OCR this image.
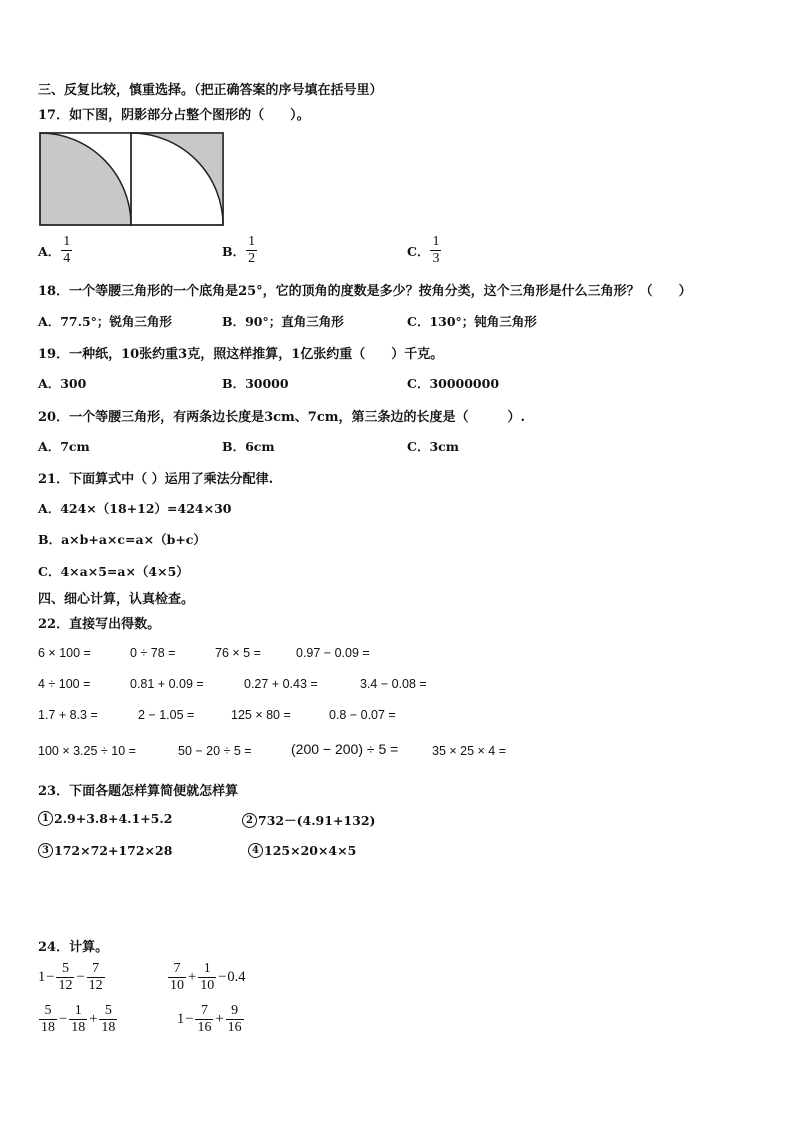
三、反复比较，慎重选择。（把正确答案的序号填在括号里）
17．如下图，阴影部分占整个图形的（　　）。
A． $\frac{1}{4}$	B． $\frac{1}{2}$	C． $\frac{1}{3}$
18．一个等腰三角形的一个底角是25°，它的顶角的度数是多少？按角分类，这个三角形是什么三角形？（　　）
A．77.5°；锐角三角形	B．90°；直角三角形	C．130°；钝角三角形
19．一种纸，10张约重3克，照这样推算，1亿张约重（　　）千克。
A．300	B．30000	C．30000000
20．一个等腰三角形，有两条边长度是3cm、7cm，第三条边的长度是（　　　）.
A．7cm	B．6cm	C．3cm
21．下面算式中（ ）运用了乘法分配律.
A．424×（18+12）=424×30
B．a×b+a×c=a×（b+c）
C．4×a×5=a×（4×5）
四、细心计算，认真检查。
22．直接写出得数。
6 × 100 =	0 ÷ 78 =	76 × 5 =	0.97 − 0.09 =
4 ÷ 100 =	0.81 + 0.09 =	0.27 + 0.43 =	3.4 − 0.08 =
1.7 + 8.3 =	2 − 1.05 =	125 × 80 =	0.8 − 0.07 =
100 × 3.25 ÷ 10 =	50 − 20 ÷ 5 =	(200 − 200) ÷ 5 =	35 × 25 × 4 =
23．下面各题怎样算简便就怎样算
1 2.9+3.8+4.1+5.2	2 732－(4.91+132)
3 172×72+172×28	4 125×20×4×5
24．计算。
$1 - \frac{5}{12} - \frac{7}{12}$	$\frac{7}{10} + \frac{1}{10} - 0.4$
$\frac{5}{18} - \frac{1}{18} + \frac{5}{18}$	$1 - \frac{7}{16} + \frac{9}{16}$
